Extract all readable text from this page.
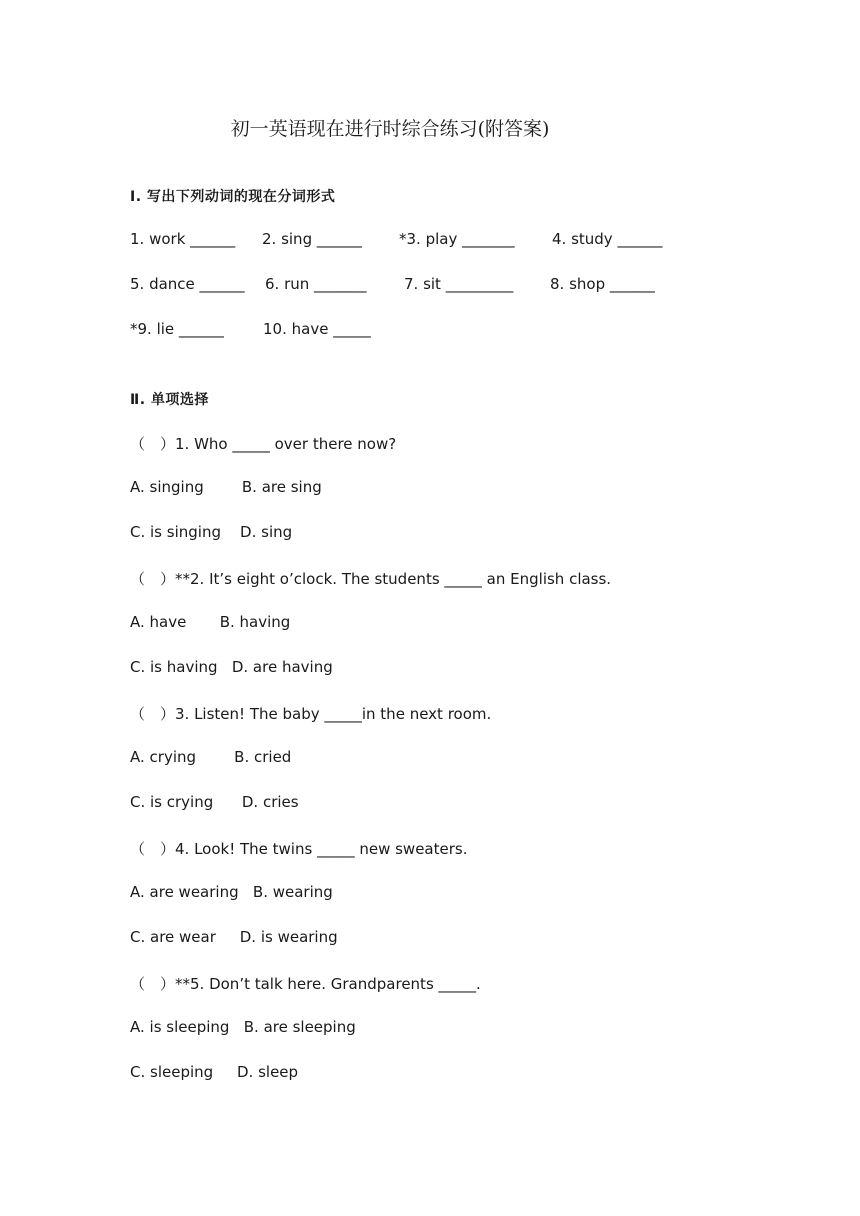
初一英语现在进行时综合练习(附答案)
Ⅰ. 写出下列动词的现在分词形式
1. work ______ 2. sing ______ *3. play _______ 4. study ______
5. dance ______ 6. run _______ 7. sit _________ 8. shop ______
*9. lie ______	10. have _____
Ⅱ. 单项选择
（　）1. Who _____ over there now?
A. singing        B. are sing
C. is singing    D. sing
（　）**2. It’s eight o’clock. The students _____ an English class.
A. have       B. having
C. is having   D. are having
（　）3. Listen! The baby _____in the next room.
A. crying        B. cried
C. is crying      D. cries
（　）4. Look! The twins _____ new sweaters.
A. are wearing   B. wearing
C. are wear     D. is wearing
（　）**5. Don’t talk here. Grandparents _____.
A. is sleeping   B. are sleeping
C. sleeping     D. sleep
